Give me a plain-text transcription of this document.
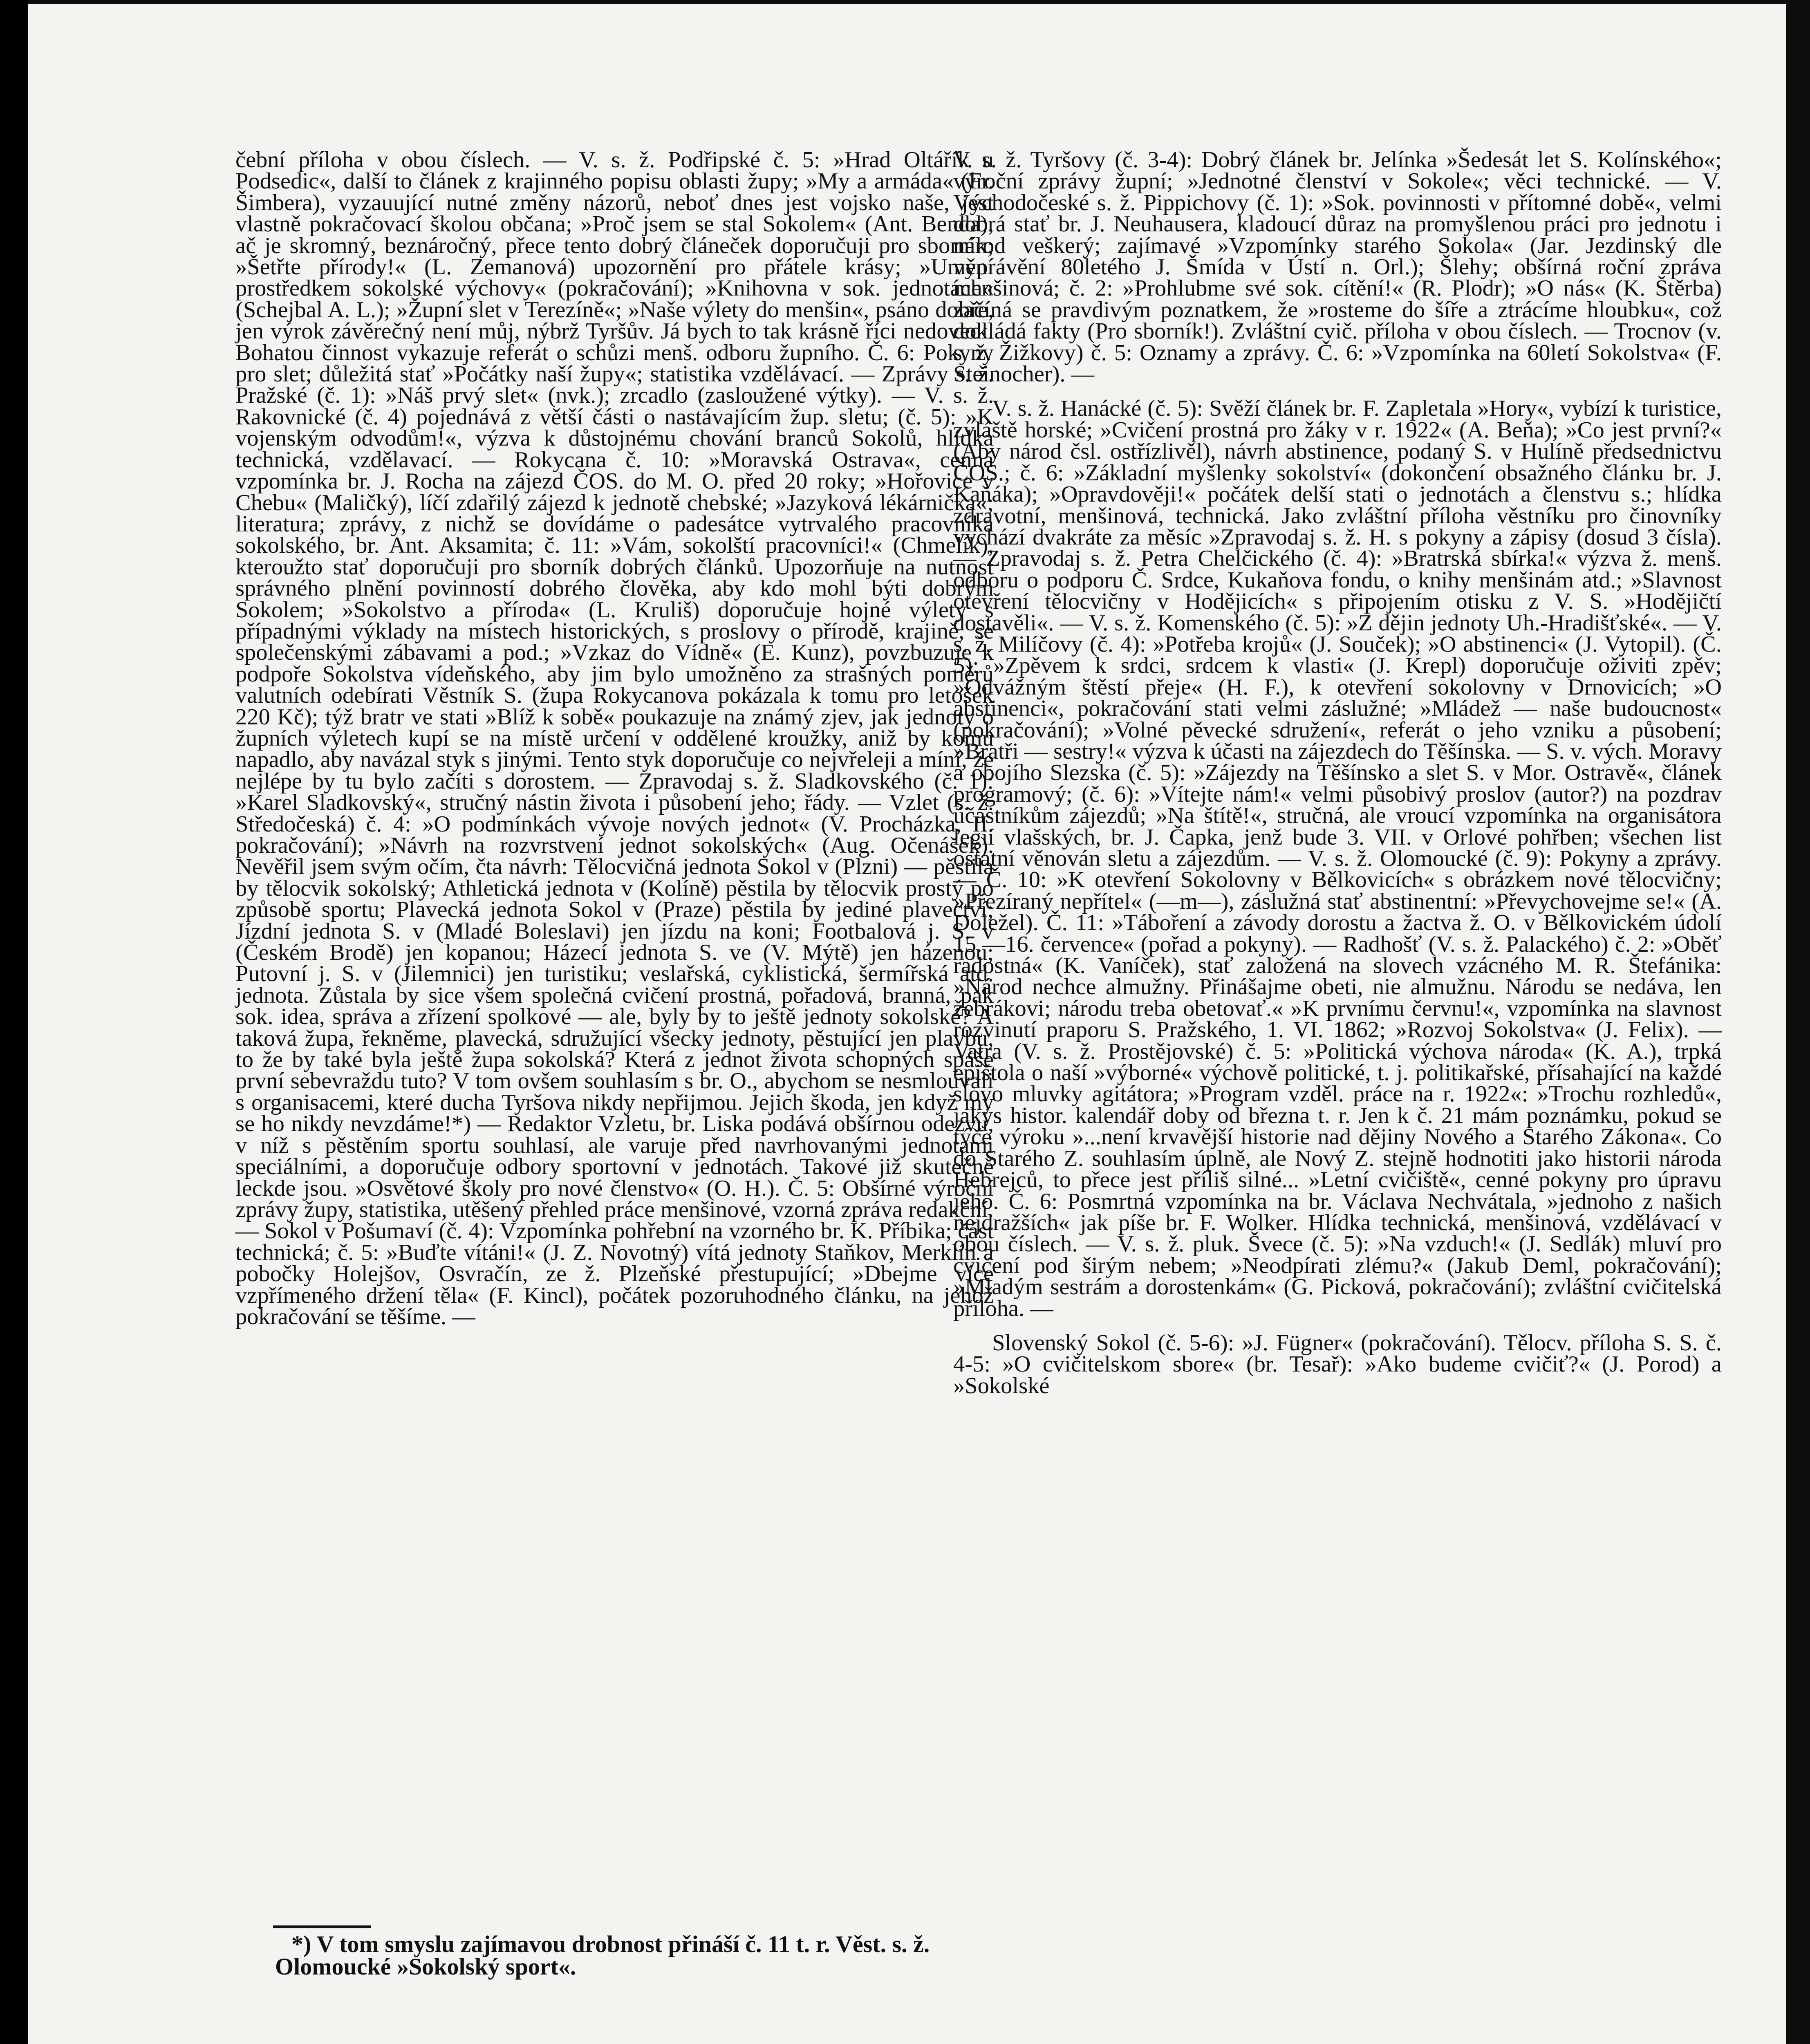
čební příloha v obou číslech. — V. s. ž. Podřipské č. 5: »Hrad Oltářík u Podsedic«, další to článek z krajinného popisu oblasti župy; »My a armáda« (Fr. Šimbera), vyzauující nutné změny názorů, neboť dnes jest vojsko naše, jest vlastně pokračovací školou občana; »Proč jsem se stal Sokolem« (Ant. Benda), ač je skromný, beznáročný, přece tento dobrý článeček doporučuji pro sborník; »Šetřte přírody!« (L. Zemanová) upozornění pro přátele krásy; »Umění prostředkem sokolské výchovy« (pokračování); »Knihovna v sok. jednotách« (Schejbal A. L.); »Župní slet v Terezíně«; »Naše výlety do menšin«, psáno dobře, jen výrok závěrečný není můj, nýbrž Tyršův. Já bych to tak krásně říci nedovedl. Bohatou činnost vykazuje referát o schůzi menš. odboru župního. Č. 6: Pokyny pro slet; důležitá stať »Počátky naší župy«; statistika vzdělávací. — Zprávy s. ž. Pražské (č. 1): »Náš prvý slet« (nvk.); zrcadlo (zasloužené výtky). — V. s. ž. Rakovnické (č. 4) pojednává z větší části o nastávajícím žup. sletu; (č. 5): »K vojenským odvodům!«, výzva k důstojnému chování branců Sokolů, hlídka technická, vzdělavací. — Rokycana č. 10: »Moravská Ostrava«, cenná vzpomínka br. J. Rocha na zájezd ČOS. do M. O. před 20 roky; »Hořovice v Chebu« (Maličký), líčí zdařilý zájezd k jednotě chebské; »Jazyková lékárnička«; literatura; zprávy, z nichž se dovídáme o padesátce vytrvalého pracovníka sokolského, br. Ant. Aksamita; č. 11: »Vám, sokolští pracovníci!« (Chmelík), kteroužto stať doporučuji pro sborník dobrých článků. Upozorňuje na nutnost správného plnění povinností dobrého člověka, aby kdo mohl býti dobrým Sokolem; »Sokolstvo a příroda« (L. Kruliš) doporučuje hojné výlety s případnými výklady na místech historických, s proslovy o přírodě, krajině, se společenskými zábavami a pod.; »Vzkaz do Vídně« (E. Kunz), povzbuzuje k podpoře Sokolstva vídeňského, aby jim bylo umožněno za strašných poměrů valutních odebírati Věstník S. (župa Rokycanova pokázala k tomu pro letošek 220 Kč); týž bratr ve stati »Blíž k sobě« poukazuje na známý zjev, jak jednoty o župních výletech kupí se na místě určení v oddělené kroužky, aniž by komu napadlo, aby navázal styk s jinými. Tento styk doporučuje co nejvřeleji a míní, že nejlépe by tu bylo začíti s dorostem. — Zpravodaj s. ž. Sladkovského (č. 1): »Karel Sladkovský«, stručný nástin života i působení jeho; řády. — Vzlet (s. ž. Středočeská) č. 4: »O podmínkách vývoje nových jednot« (V. Procházka, II. pokračování); »Návrh na rozvrstvení jednot sokolských« (Aug. Očenášek). Nevěřil jsem svým očím, čta návrh: Tělocvičná jednota Sokol v (Plzni) — pěstila by tělocvik sokolský; Athletická jednota v (Kolíně) pěstila by tělocvik prostý po způsobě sportu; Plavecká jednota Sokol v (Praze) pěstila by jediné plavectví; Jízdní jednota S. v (Mladé Boleslavi) jen jízdu na koni; Footbalová j. S. v (Českém Brodě) jen kopanou; Házecí jednota S. ve (V. Mýtě) jen házenou; Putovní j. S. v (Jilemnici) jen turistiku; veslařská, cyklistická, šermířská atd. jednota. Zůstala by sice všem společná cvičení prostná, pořadová, branná, pak sok. idea, správa a zřízení spolkové — ale, byly by to ještě jednoty sokolské? A taková župa, řekněme, plavecká, sdružující všecky jednoty, pěstující jen plavbu, to že by také byla ještě župa sokolská? Která z jednot života schopných spáše první sebevraždu tuto? V tom ovšem souhlasím s br. O., abychom se nesmlouvali s organisacemi, které ducha Tyršova nikdy nepřijmou. Jejich škoda, jen když my se ho nikdy nevzdáme!*) — Redaktor Vzletu, br. Liska podává obšírnou odezvu, v níž s pěstěním sportu souhlasí, ale varuje před navrhovanými jednotami speciálními, a doporučuje odbory sportovní v jednotách. Takové již skutečně leckde jsou. »Osvětové školy pro nové členstvo« (O. H.). Č. 5: Obšírné výroční zprávy župy, statistika, utěšený přehled práce menšinové, vzorná zpráva redakční. — Sokol v Pošumaví (č. 4): Vzpomínka pohřební na vzorného br. K. Příbika; část technická; č. 5: »Buďte vítáni!« (J. Z. Novotný) vítá jednoty Staňkov, Merklín a pobočky Holejšov, Osvračín, ze ž. Plzeňské přestupující; »Dbejme více vzpřímeného držení těla« (F. Kincl), počátek pozoruhodného článku, na jehož pokračování se těšíme. —

V. s. ž. Tyršovy (č. 3-4): Dobrý článek br. Jelínka »Šedesát let S. Kolínského«; výroční zprávy župní; »Jednotné členství v Sokole«; věci technické. — V. Východočeské s. ž. Pippichovy (č. 1): »Sok. povinnosti v přítomné době«, velmi dobrá stať br. J. Neuhausera, kladoucí důraz na promyšlenou práci pro jednotu i národ veškerý; zajímavé »Vzpomínky starého Sokola« (Jar. Jezdinský dle vyprávění 80letého J. Šmída v Ústí n. Orl.); Šlehy; obšírná roční zpráva menšinová; č. 2: »Prohlubme své sok. cítění!« (R. Plodr); »O nás« (K. Štěrba) začíná se pravdivým poznatkem, že »rosteme do šíře a ztrácíme hloubku«, což dokládá fakty (Pro sborník!). Zvláštní cvič. příloha v obou číslech. — Trocnov (v. s. ž. Žižkovy) č. 5: Oznamy a zprávy. Č. 6: »Vzpomínka na 60letí Sokolstva« (F. Steinocher). —

V. s. ž. Hanácké (č. 5): Svěží článek br. F. Zapletala »Hory«, vybízí k turistice, zvláště horské; »Cvičení prostná pro žáky v r. 1922« (A. Beňa); »Co jest první?« (Aby národ čsl. ostřízlivěl), návrh abstinence, podaný S. v Hulíně předsednictvu ČOS.; č. 6: »Základní myšlenky sokolství« (dokončení obsažného článku br. J. Kaňáka); »Opravdověji!« počátek delší stati o jednotách a členstvu s.; hlídka zdravotní, menšinová, technická. Jako zvláštní příloha věstníku pro činovníky vychází dvakráte za měsíc »Zpravodaj s. ž. H. s pokyny a zápisy (dosud 3 čísla). — Zpravodaj s. ž. Petra Chelčického (č. 4): »Bratrská sbírka!« výzva ž. menš. odboru o podporu Č. Srdce, Kukaňova fondu, o knihy menšinám atd.; »Slavnost otevření tělocvičny v Hodějicích« s připojením otisku z V. S. »Hodějičtí dostavěli«. — V. s. ž. Komenského (č. 5): »Z dějin jednoty Uh.-Hradišťské«. — V. s. ž. Milíčovy (č. 4): »Potřeba krojů« (J. Souček); »O abstinenci« (J. Vytopil). (Č. 5): »Zpěvem k srdci, srdcem k vlasti« (J. Krepl) doporučuje oživiti zpěv; »Odvážným štěstí přeje« (H. F.), k otevření sokolovny v Drnovicích; »O abstinenci«, pokračování stati velmi záslužné; »Mládež — naše budoucnost« (pokračování); »Volné pěvecké sdružení«, referát o jeho vzniku a působení; »Bratři — sestry!« výzva k účasti na zájezdech do Těšínska. — S. v. vých. Moravy a obojího Slezska (č. 5): »Zájezdy na Těšínsko a slet S. v Mor. Ostravě«, článek programový; (č. 6): »Vítejte nám!« velmi působivý proslov (autor?) na pozdrav účastníkům zájezdů; »Na štítě!«, stručná, ale vroucí vzpomínka na organisátora legií vlašských, br. J. Čapka, jenž bude 3. VII. v Orlové pohřben; všechen list ostatní věnován sletu a zájezdům. — V. s. ž. Olomoucké (č. 9): Pokyny a zprávy. — Č. 10: »K otevření Sokolovny v Bělkovicích« s obrázkem nové tělocvičny; »Přezíraný nepřítel« (—m—), záslužná stať abstinentní: »Převychovejme se!« (A. Doležel). Č. 11: »Táboření a závody dorostu a žactva ž. O. v Bělkovickém údolí 15.—16. července« (pořad a pokyny). — Radhošť (V. s. ž. Palackého) č. 2: »Oběť radostná« (K. Vaníček), stať založená na slovech vzácného M. R. Štefánika: »Národ nechce almužny. Přinášajme obeti, nie almužnu. Národu se nedáva, len žebrákovi; národu treba obetovať.« »K prvnímu červnu!«, vzpomínka na slavnost rozvinutí praporu S. Pražského, 1. VI. 1862; »Rozvoj Sokolstva« (J. Felix). — Vatra (V. s. ž. Prostějovské) č. 5: »Politická výchova národa« (K. A.), trpká epištola o naší »výborné« výchově politické, t. j. politikařské, přísahající na každé slovo mluvky agitátora; »Program vzděl. práce na r. 1922«: »Trochu rozhledů«, jakýs histor. kalendář doby od března t. r. Jen k č. 21 mám poznámku, pokud se týče výroku »...není krvavější historie nad dějiny Nového a Starého Zákona«. Co do Starého Z. souhlasím úplně, ale Nový Z. stejně hodnotiti jako historii národa Hebrejců, to přece jest příliš silné... »Letní cvičiště«, cenné pokyny pro úpravu jeho. Č. 6: Posmrtná vzpomínka na br. Václava Nechvátala, »jednoho z našich nejdražších« jak píše br. F. Wolker. Hlídka technická, menšinová, vzdělávací v obou číslech. — V. s. ž. pluk. Švece (č. 5): »Na vzduch!« (J. Sedlák) mluví pro cvičení pod širým nebem; »Neodpírati zlému?« (Jakub Deml, pokračování); »Mladým sestrám a dorostenkám« (G. Picková, pokračování); zvláštní cvičitelská příloha. —

Slovenský Sokol (č. 5-6): »J. Fügner« (pokračování). Tělocv. příloha S. S. č. 4-5: »O cvičitelskom sbore« (br. Tesař): »Ako budeme cvičiť?« (J. Porod) a »Sokolské

*) V tom smyslu zajímavou drobnost přináší č. 11 t. r. Věst. s. ž. Olomoucké »Sokolský sport«.
